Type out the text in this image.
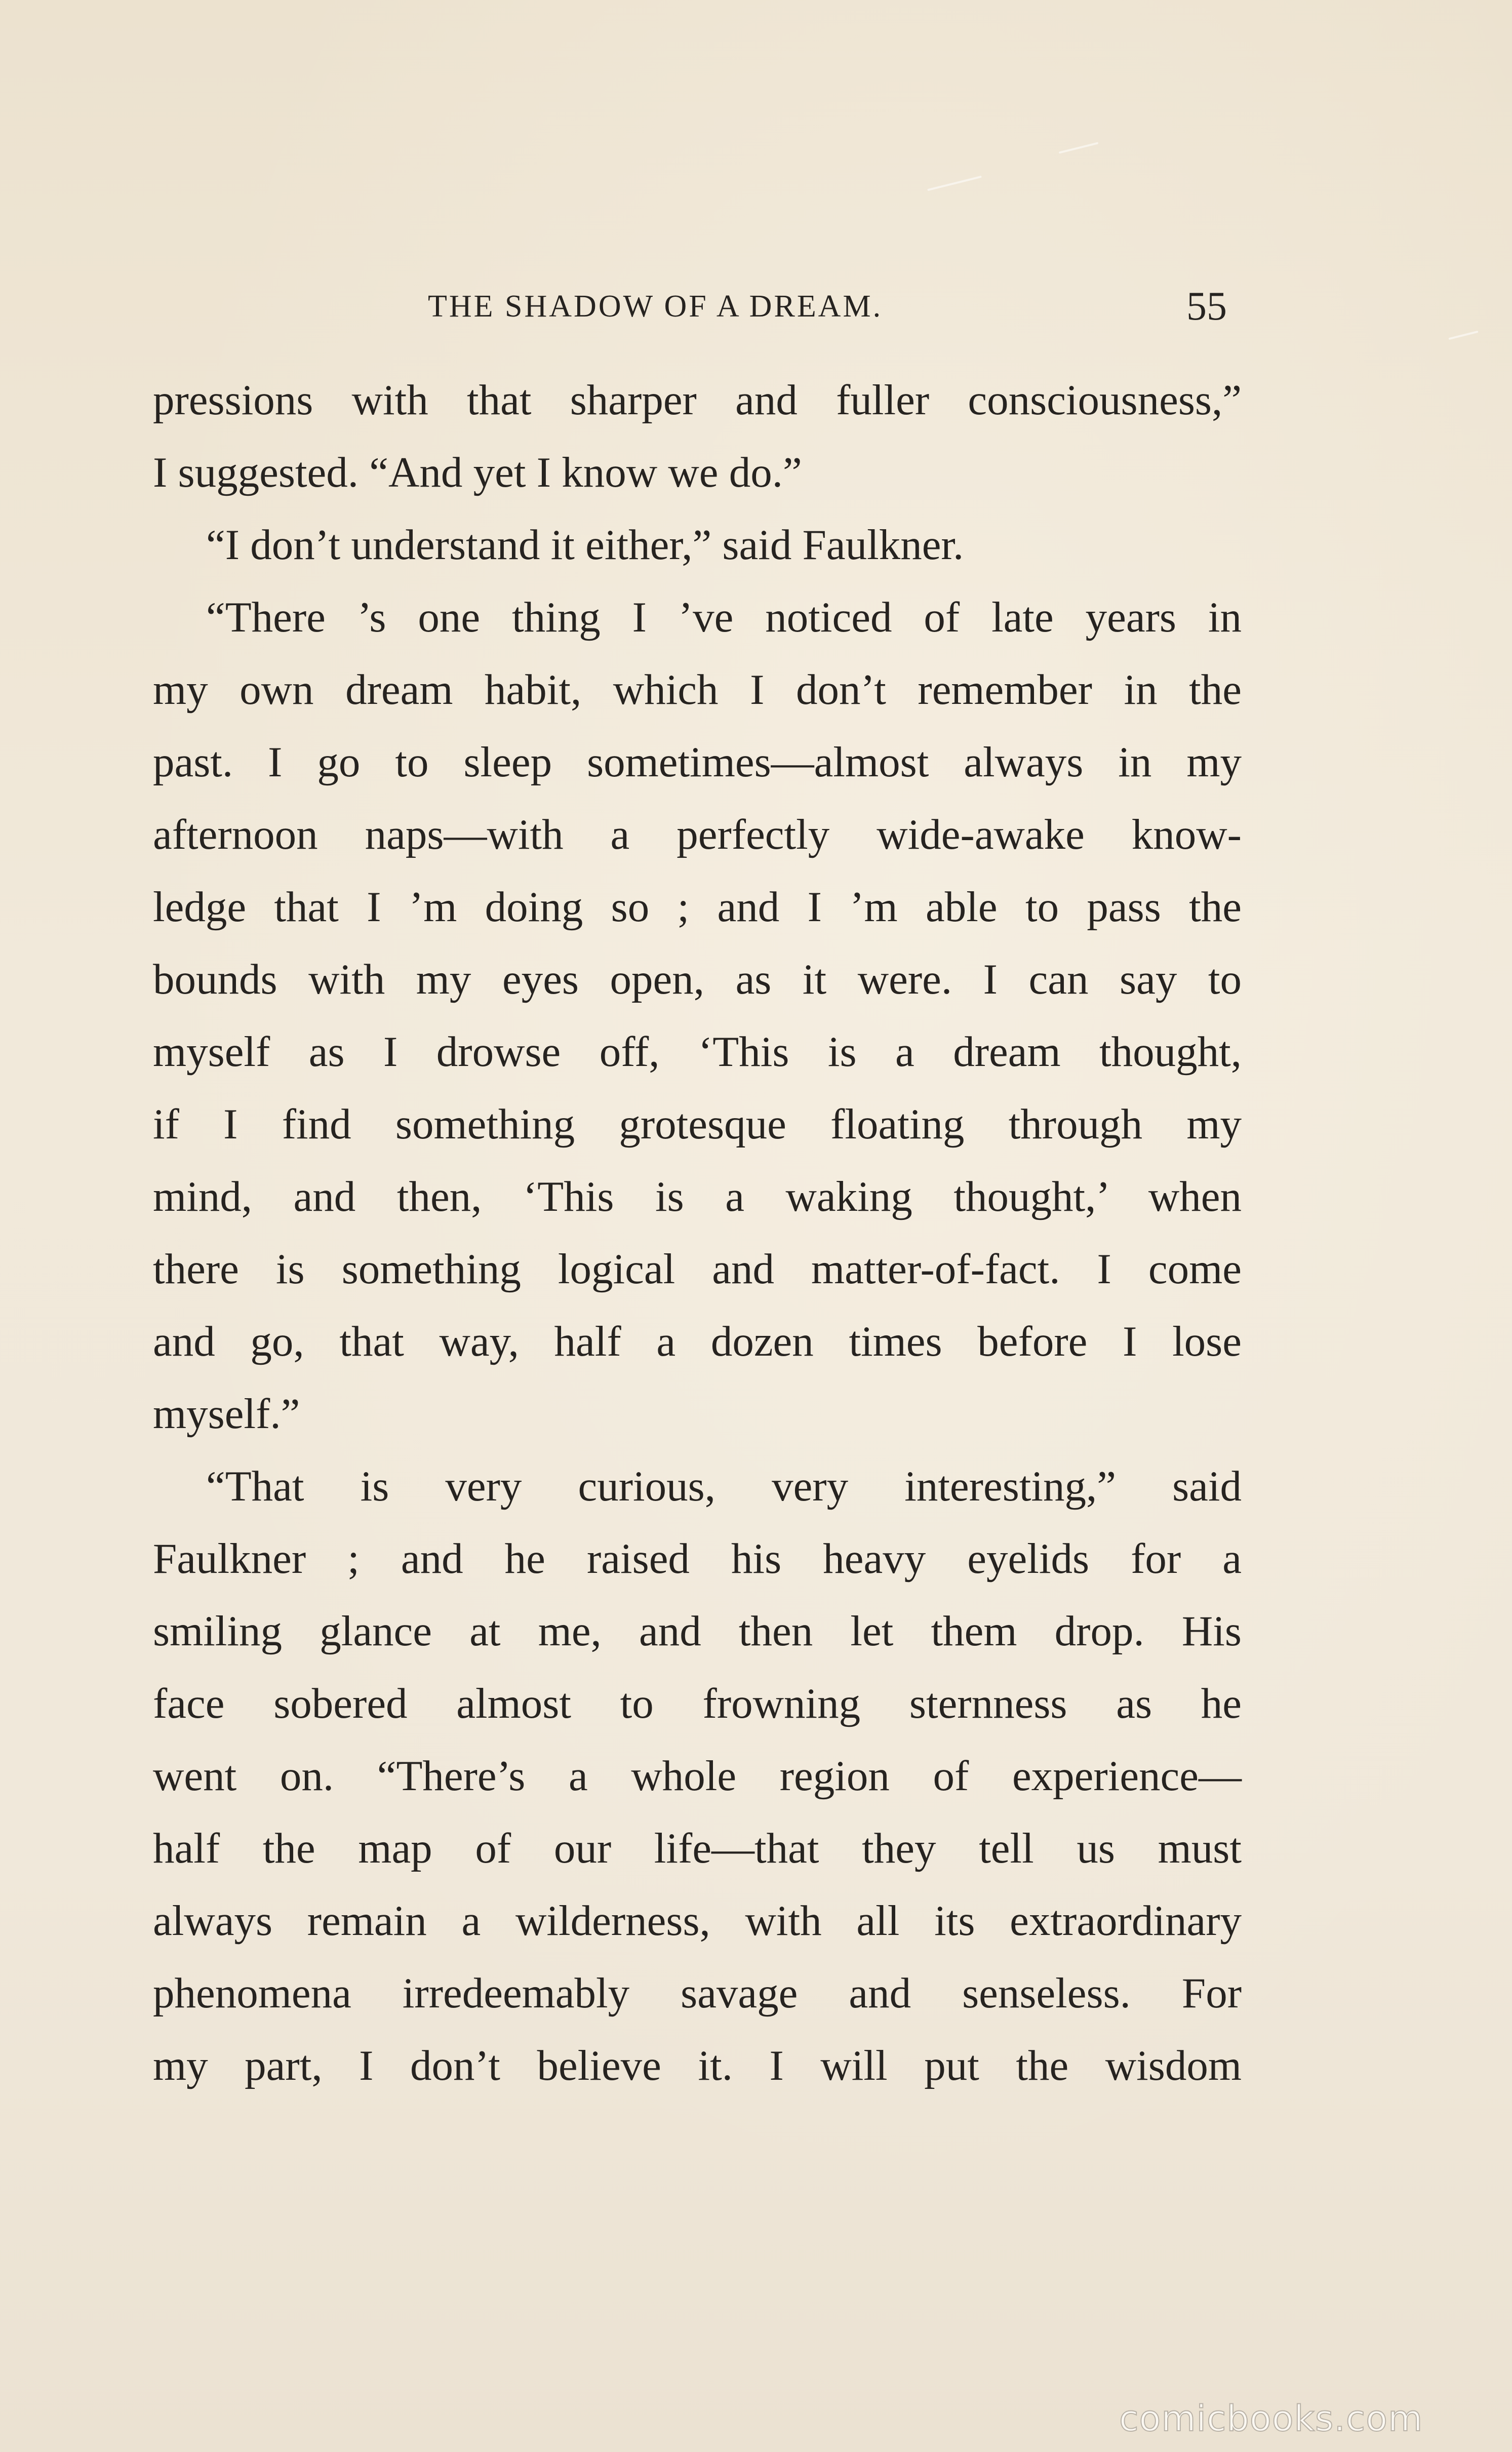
THE SHADOW OF A DREAM.	55
pressions with that sharper and fuller consciousness,”
I suggested. “And yet I know we do.”
“I don’t understand it either,” said Faulkner.
“There ’s one thing I ’ve noticed of late years in
my own dream habit, which I don’t remember in the
past. I go to sleep sometimes—almost always in my
afternoon naps—with a perfectly wide-awake know-
ledge that I ’m doing so ; and I ’m able to pass the
bounds with my eyes open, as it were. I can say to
myself as I drowse off, ‘This is a dream thought,
if I find something grotesque floating through my
mind, and then, ‘This is a waking thought,’ when
there is something logical and matter-of-fact. I come
and go, that way, half a dozen times before I lose
myself.”
“That is very curious, very interesting,” said
Faulkner ; and he raised his heavy eyelids for a
smiling glance at me, and then let them drop. His
face sobered almost to frowning sternness as he
went on. “There’s a whole region of experience—
half the map of our life—that they tell us must
always remain a wilderness, with all its extraordinary
phenomena irredeemably savage and senseless. For
my part, I don’t believe it. I will put the wisdom
comicbooks.com
